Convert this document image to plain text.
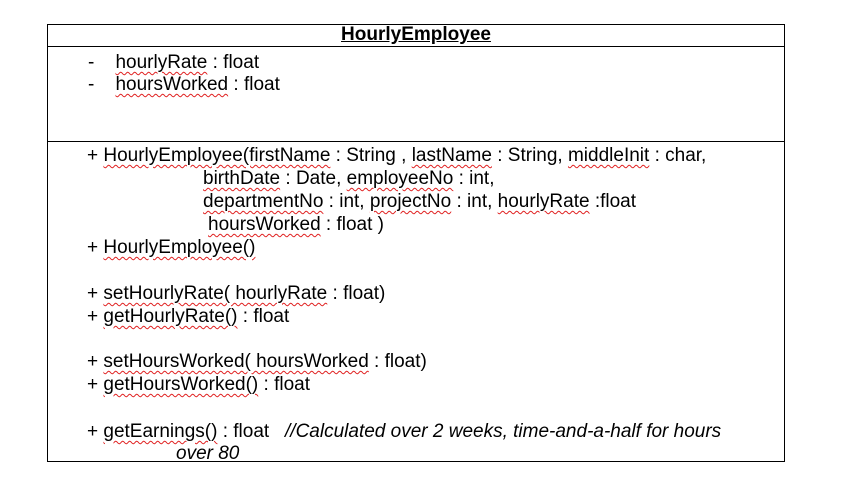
HourlyEmployee
- hourlyRate : float
- hoursWorked : float
+ HourlyEmployee(firstName : String , lastName : String, middleInit : char,
birthDate : Date, employeeNo : int,
departmentNo : int, projectNo : int, hourlyRate :float
hoursWorked : float )
+ HourlyEmployee()
+ setHourlyRate( hourlyRate : float)
+ getHourlyRate() : float
+ setHoursWorked( hoursWorked : float)
+ getHoursWorked() : float
+ getEarnings() : float   //Calculated over 2 weeks, time-and-a-half for hours
over 80
